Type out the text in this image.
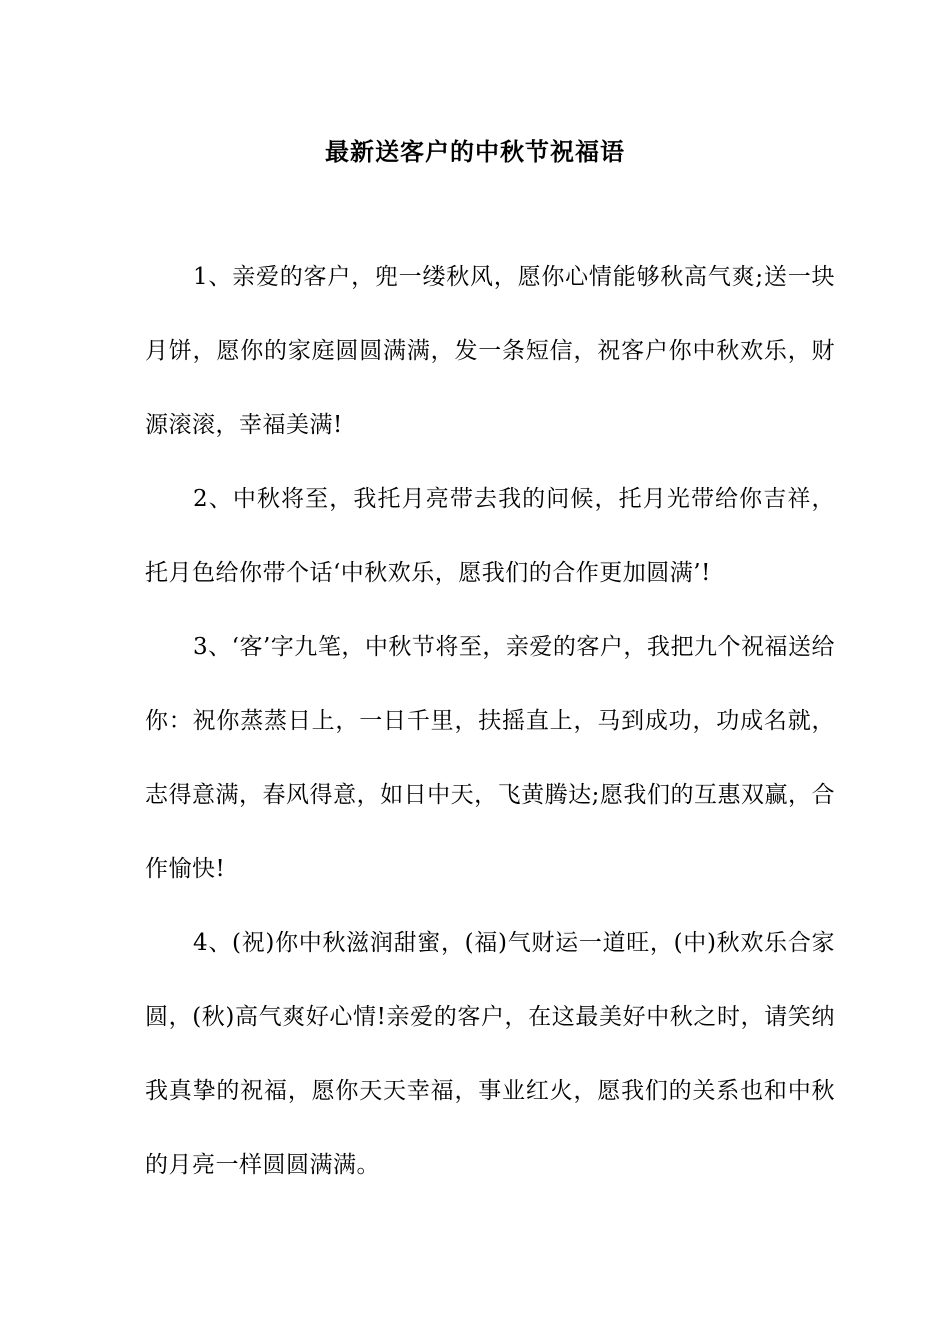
最新送客户的中秋节祝福语

1、亲爱的客户，兜一缕秋风，愿你心情能够秋高气爽;送一块月饼，愿你的家庭圆圆满满，发一条短信，祝客户你中秋欢乐，财源滚滚，幸福美满!

2、中秋将至，我托月亮带去我的问候，托月光带给你吉祥，托月色给你带个话‘中秋欢乐，愿我们的合作更加圆满’!

3、‘客’字九笔，中秋节将至，亲爱的客户，我把九个祝福送给你：祝你蒸蒸日上，一日千里，扶摇直上，马到成功，功成名就，志得意满，春风得意，如日中天，飞黄腾达;愿我们的互惠双赢，合作愉快!

4、(祝)你中秋滋润甜蜜，(福)气财运一道旺，(中)秋欢乐合家圆，(秋)高气爽好心情!亲爱的客户，在这最美好中秋之时，请笑纳我真挚的祝福，愿你天天幸福，事业红火，愿我们的关系也和中秋的月亮一样圆圆满满。
